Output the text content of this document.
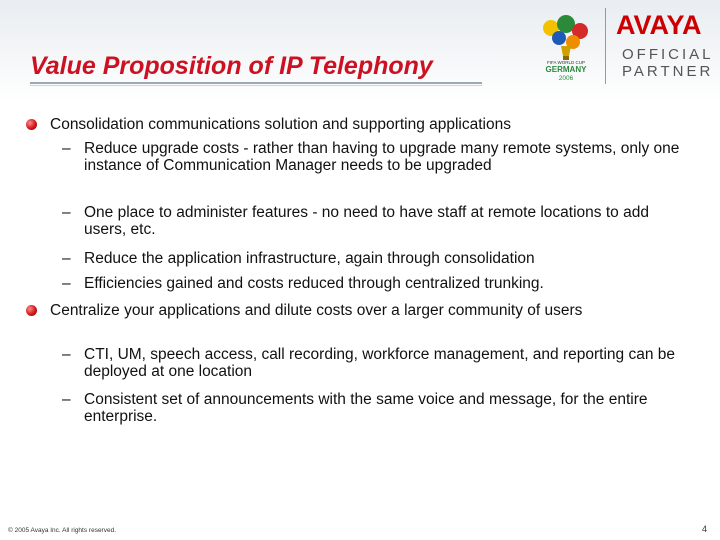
Value Proposition of IP Telephony	FIFA WORLD CUP
GERMANY
2006
AVAYA
OFFICIAL
PARTNER
Consolidation communications solution and supporting applications
– Reduce upgrade costs - rather than having to upgrade many remote systems, only one instance of Communication Manager needs to be upgraded
– One place to administer features - no need to have staff at remote locations to add users, etc.
– Reduce the application infrastructure, again through consolidation
– Efficiencies gained and costs reduced through centralized trunking.
Centralize your applications and dilute costs over a larger community of users
– CTI, UM, speech access, call recording, workforce management, and reporting can be deployed at one location
– Consistent set of announcements with the same voice and message, for the entire enterprise.
© 2005 Avaya Inc. All rights reserved.	4
